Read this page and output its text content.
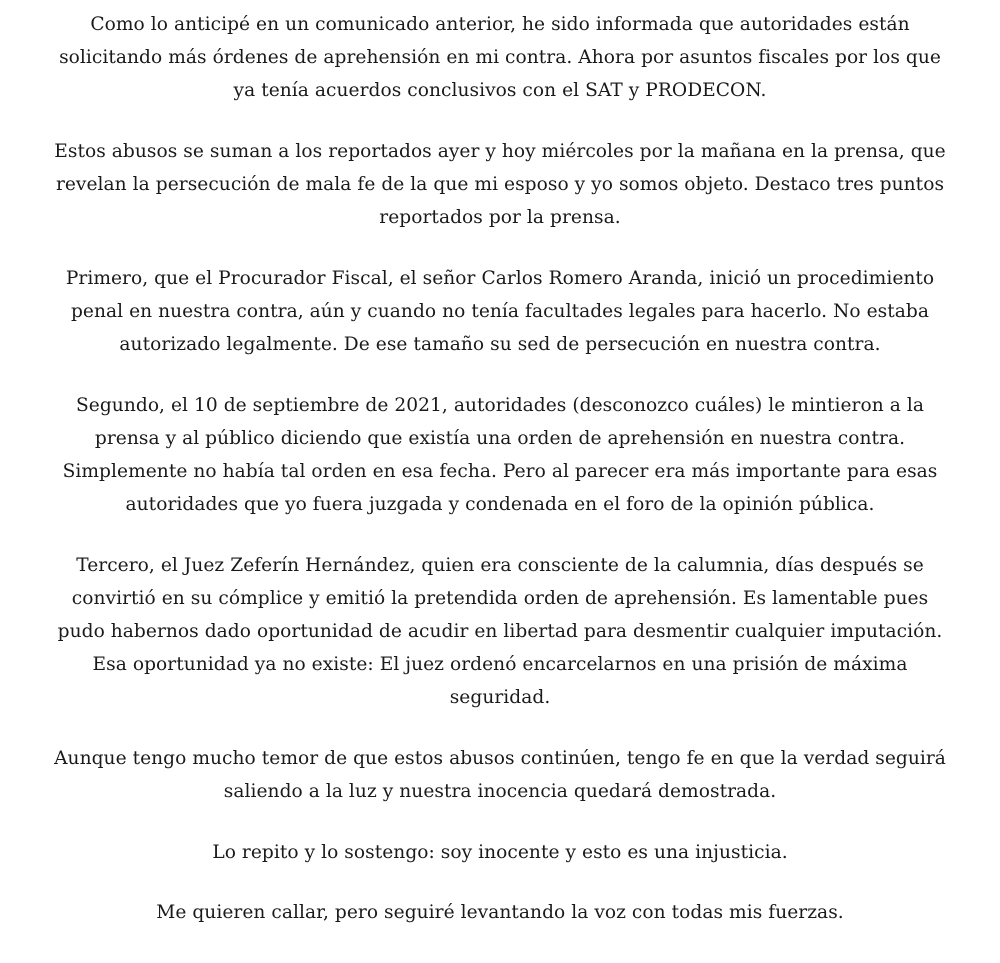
Como lo anticipé en un comunicado anterior, he sido informada que autoridades están
solicitando más órdenes de aprehensión en mi contra. Ahora por asuntos fiscales por los que
ya tenía acuerdos conclusivos con el SAT y PRODECON.

Estos abusos se suman a los reportados ayer y hoy miércoles por la mañana en la prensa, que
revelan la persecución de mala fe de la que mi esposo y yo somos objeto. Destaco tres puntos
reportados por la prensa.

Primero, que el Procurador Fiscal, el señor Carlos Romero Aranda, inició un procedimiento
penal en nuestra contra, aún y cuando no tenía facultades legales para hacerlo. No estaba
autorizado legalmente. De ese tamaño su sed de persecución en nuestra contra.

Segundo, el 10 de septiembre de 2021, autoridades (desconozco cuáles) le mintieron a la
prensa y al público diciendo que existía una orden de aprehensión en nuestra contra.
Simplemente no había tal orden en esa fecha. Pero al parecer era más importante para esas
autoridades que yo fuera juzgada y condenada en el foro de la opinión pública.

Tercero, el Juez Zeferín Hernández, quien era consciente de la calumnia, días después se
convirtió en su cómplice y emitió la pretendida orden de aprehensión. Es lamentable pues
pudo habernos dado oportunidad de acudir en libertad para desmentir cualquier imputación.
Esa oportunidad ya no existe: El juez ordenó encarcelarnos en una prisión de máxima
seguridad.

Aunque tengo mucho temor de que estos abusos continúen, tengo fe en que la verdad seguirá
saliendo a la luz y nuestra inocencia quedará demostrada.

Lo repito y lo sostengo: soy inocente y esto es una injusticia.

Me quieren callar, pero seguiré levantando la voz con todas mis fuerzas.
